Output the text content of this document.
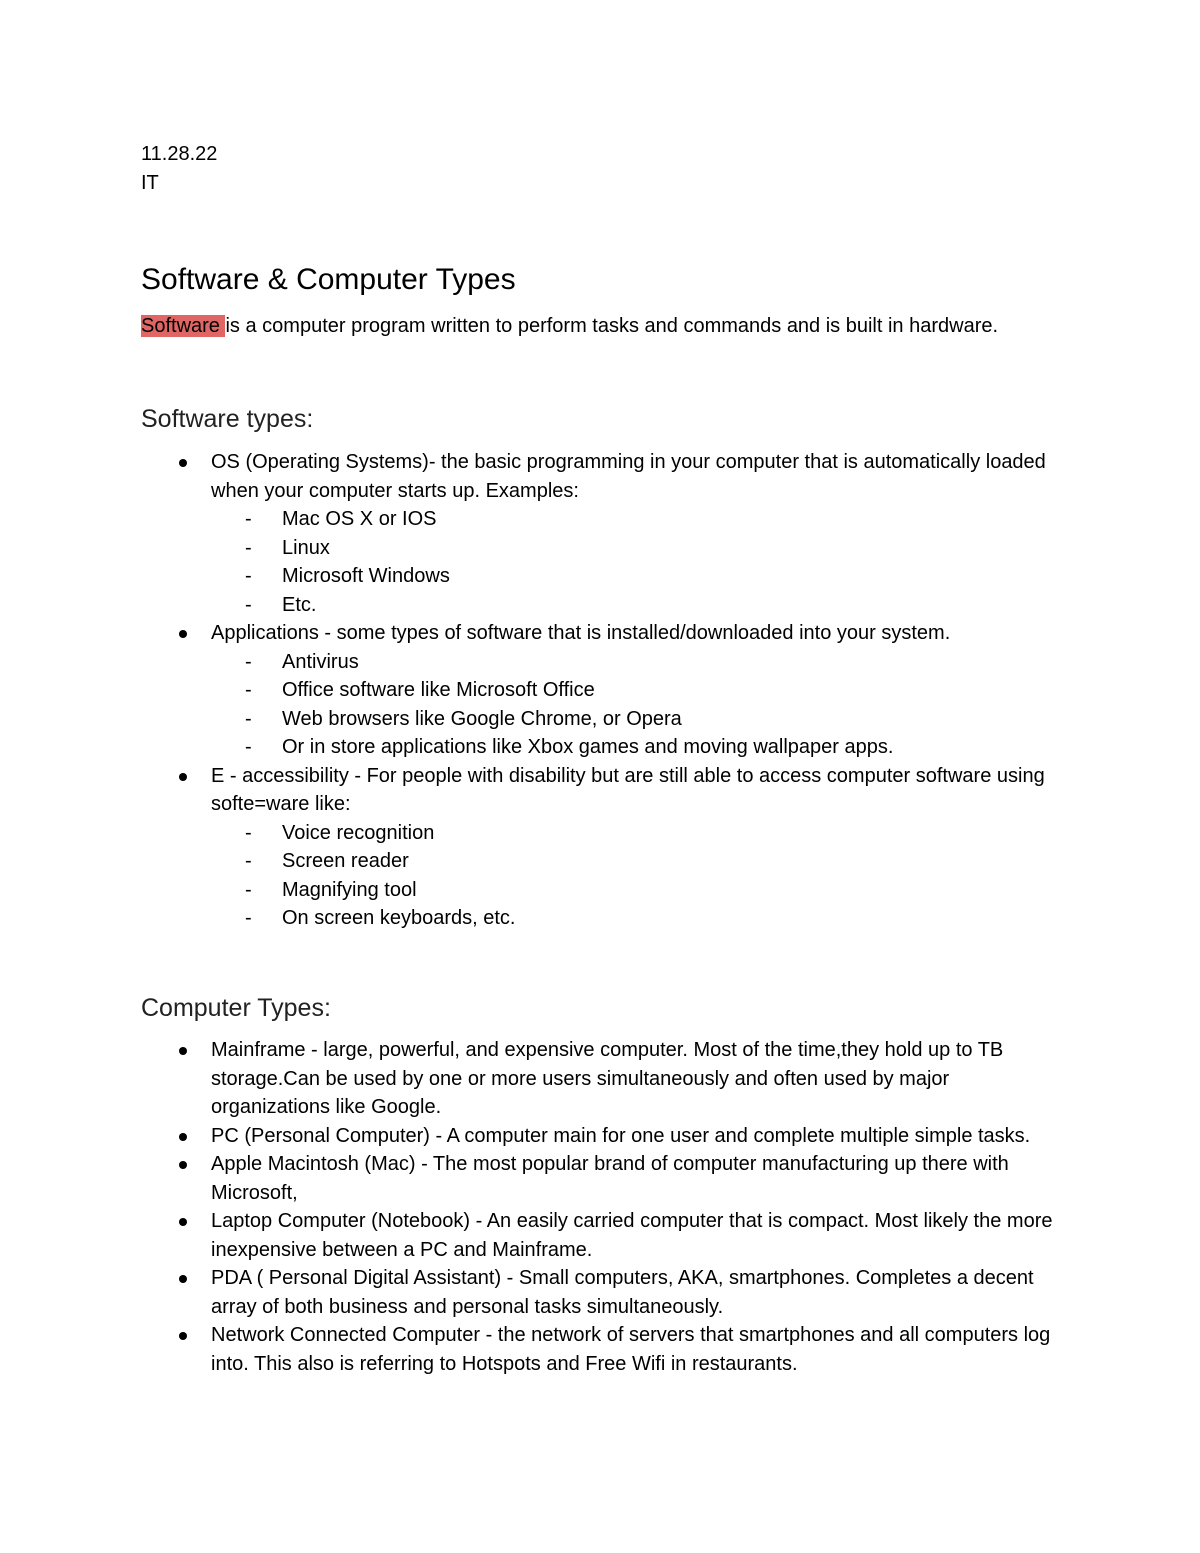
11.28.22

IT

Software & Computer Types

Software is a computer program written to perform tasks and commands and is built in hardware.

Software types:
OS (Operating Systems)- the basic programming in your computer that is automatically loaded when your computer starts up. Examples:
- Mac OS X or IOS
- Linux
- Microsoft Windows
- Etc.
Applications - some types of software that is installed/downloaded into your system.
- Antivirus
- Office software like Microsoft Office
- Web browsers like Google Chrome, or Opera
- Or in store applications like Xbox games and moving wallpaper apps.
E - accessibility - For people with disability but are still able to access computer software using softe=ware like:
- Voice recognition
- Screen reader
- Magnifying tool
- On screen keyboards, etc.
Computer Types:
Mainframe - large, powerful, and expensive computer. Most of the time,they hold up to TB storage.Can be used by one or more users simultaneously and often used by major organizations like Google.
PC (Personal Computer) - A computer main for one user and complete multiple simple tasks.
Apple Macintosh (Mac) - The most popular brand of computer manufacturing up there with Microsoft,
Laptop Computer (Notebook) - An easily carried computer that is compact. Most likely the more inexpensive between a PC and Mainframe.
PDA ( Personal Digital Assistant) - Small computers, AKA, smartphones. Completes a decent array of both business and personal tasks simultaneously.
Network Connected Computer - the network of servers that smartphones and all computers log into. This also is referring to Hotspots and Free Wifi in restaurants.
